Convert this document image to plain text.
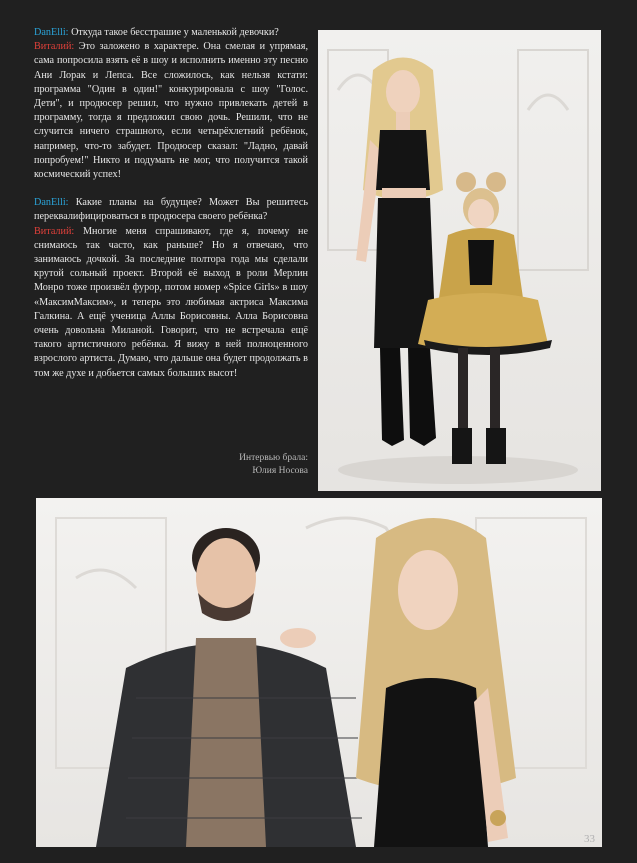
DanElli: Откуда такое бесстрашие у маленькой девочки?

Виталий: Это заложено в характере. Она смелая и упрямая, сама попросила взять её в шоу и исполнить именно эту песню Ани Лорак и Лепса. Все сложилось, как нельзя кстати: программа "Один в один!" конкурировала с шоу "Голос. Дети", и продюсер решил, что нужно привлекать детей в программу, тогда я предложил свою дочь. Решили, что не случится ничего страшного, если четырёхлетний ребёнок, например, что-то забудет. Продюсер сказал: "Ладно, давай попробуем!" Никто и подумать не мог, что получится такой космический успех!

DanElli: Какие планы на будущее? Может Вы решитесь переквалифицироваться в продюсера своего ребёнка?

Виталий: Многие меня спрашивают, где я, почему не снимаюсь так часто, как раньше? Но я отвечаю, что занимаюсь дочкой. За последние полтора года мы сделали крутой сольный проект. Второй её выход в роли Мерлин Монро тоже произвёл фурор, потом номер «Spice Girls» в шоу «МаксимМаксим», и теперь это любимая актриса Максима Галкина. А ещё ученица Аллы Борисовны. Алла Борисовна очень довольна Миланой. Говорит, что не встречала ещё такого артистичного ребёнка. Я вижу в ней полноценного взрослого артиста. Думаю, что дальше она будет продолжать в том же духе и добьется самых больших высот!

Интервью брала:
Юлия Носова
33
